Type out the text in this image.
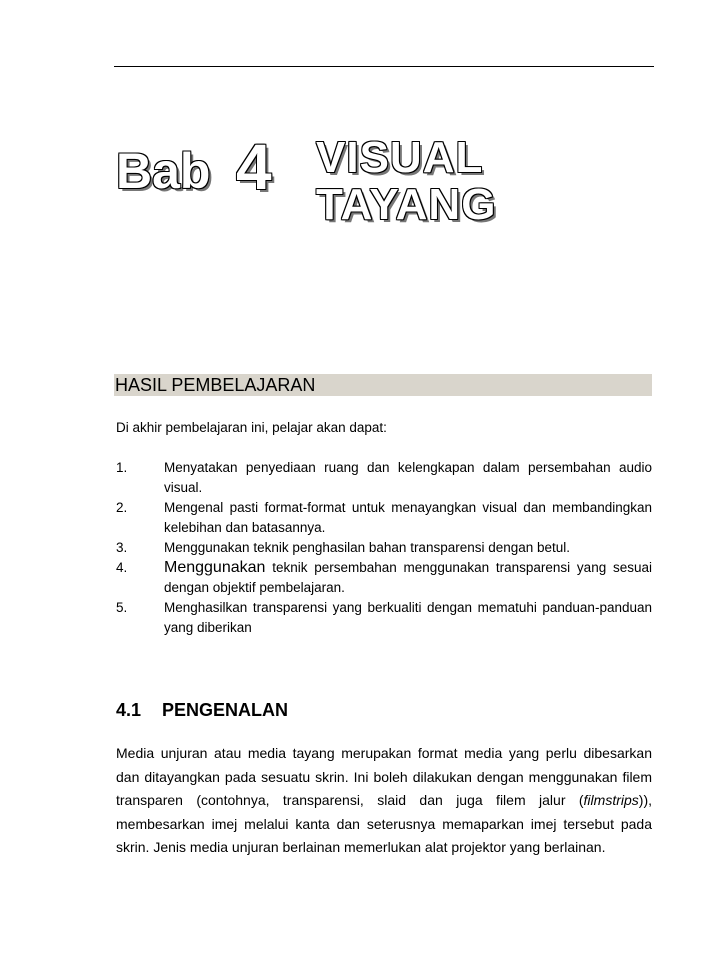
Bab 4 VISUAL
TAYANG
HASIL PEMBELAJARAN
Di akhir pembelajaran ini, pelajar akan dapat:
1.	Menyatakan penyediaan ruang dan kelengkapan dalam persembahan audio visual.
2.	Mengenal pasti format-format untuk menayangkan visual dan membandingkan kelebihan dan batasannya.
3.	Menggunakan teknik penghasilan bahan transparensi dengan betul.
4. Menggunakan teknik persembahan menggunakan transparensi yang sesuai dengan objektif pembelajaran.
5.	Menghasilkan transparensi yang berkualiti dengan mematuhi panduan-panduan yang diberikan
4.1 PENGENALAN

Media unjuran atau media tayang merupakan format media yang perlu dibesarkan dan ditayangkan pada sesuatu skrin. Ini boleh dilakukan dengan menggunakan filem transparen (contohnya, transparensi, slaid dan juga filem jalur (filmstrips)), membesarkan imej melalui kanta dan seterusnya memaparkan imej tersebut pada skrin. Jenis media unjuran berlainan memerlukan alat projektor yang berlainan.
